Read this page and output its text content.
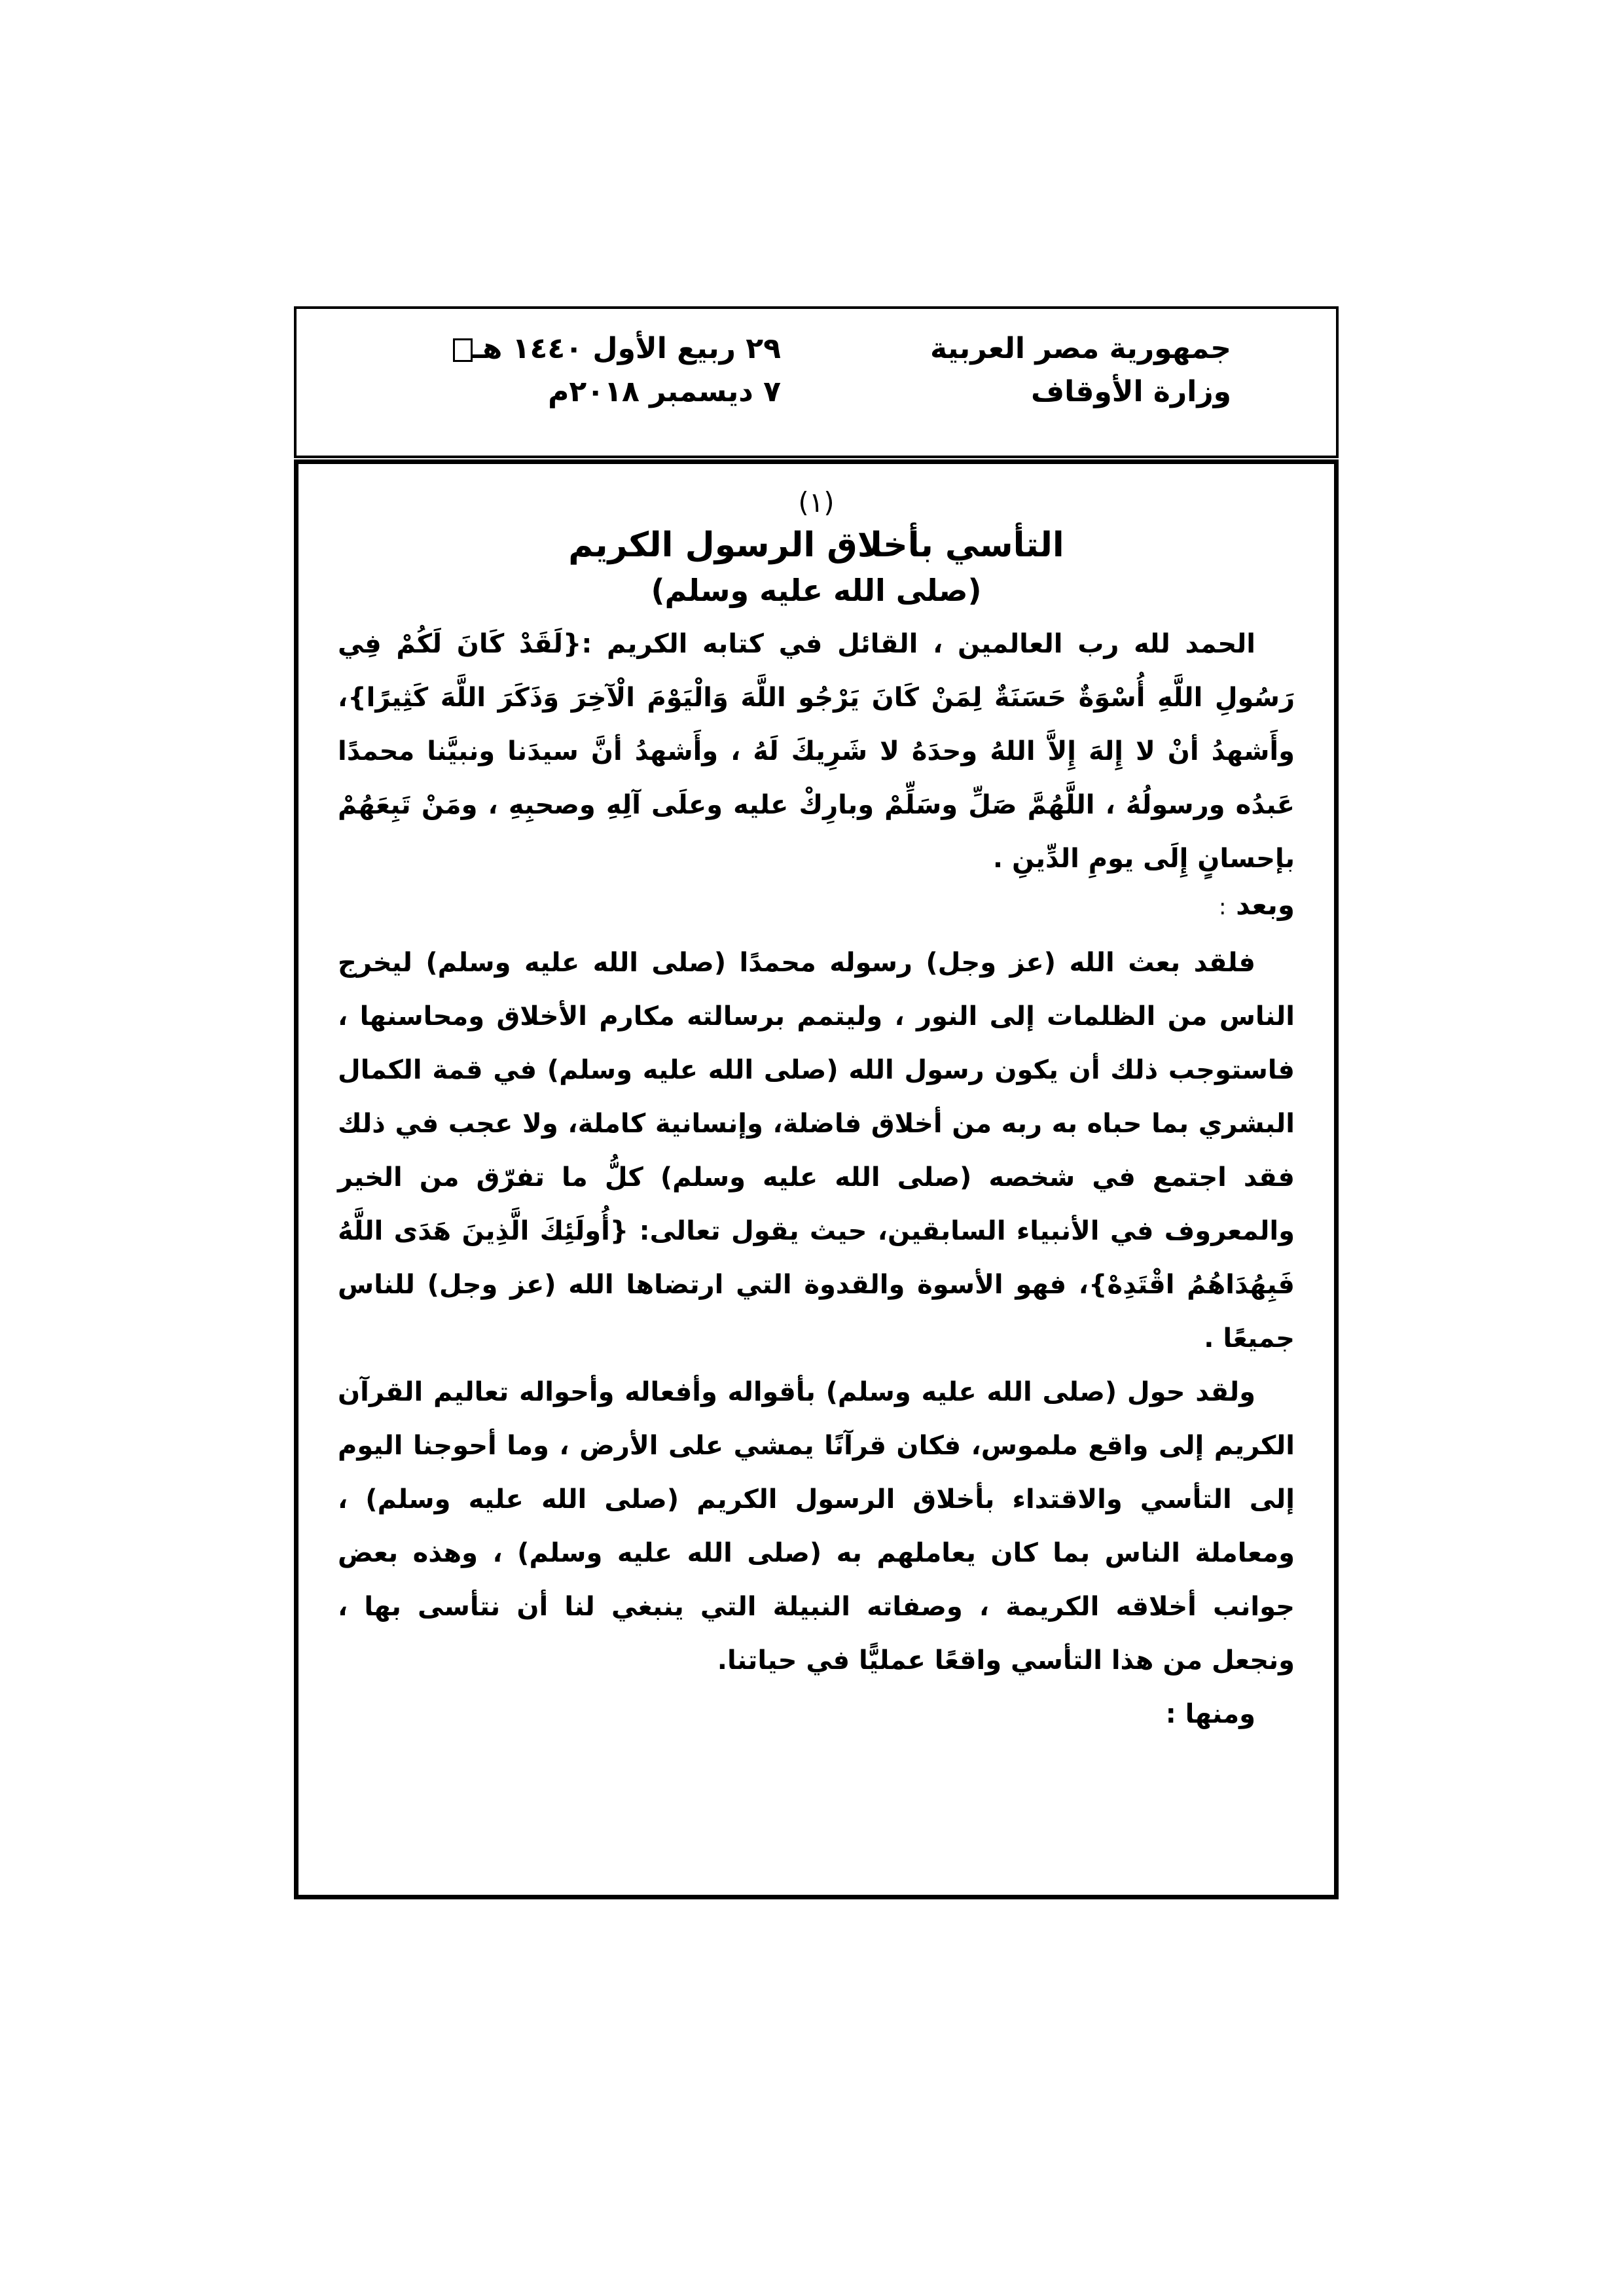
جمهورية مصر العربية
وزارة الأوقاف
٢٩ ربيع الأول ١٤٤٠ هـ
٧ ديسمبر ٢٠١٨م
(١)
التأسي بأخلاق الرسول الكريم
(صلى الله عليه وسلم)

الحمد لله رب العالمين ، القائل في كتابه الكريم :{لَقَدْ كَانَ لَكُمْ فِي رَسُولِ اللَّهِ أُسْوَةٌ حَسَنَةٌ لِمَنْ كَانَ يَرْجُو اللَّهَ وَالْيَوْمَ الْآخِرَ وَذَكَرَ اللَّهَ كَثِيرًا}، وأَشهدُ أنْ لا إِلهَ إِلاَّ اللهُ وحدَهُ لا شَرِيكَ لَهُ ، وأَشهدُ أنَّ سيدَنا ونبيَّنا محمدًا عَبدُه ورسولُهُ ، اللَّهُمَّ صَلِّ وسَلِّمْ وبارِكْ عليه وعلَى آلِهِ وصحبِهِ ، ومَنْ تَبِعَهُمْ بإحسانٍ إِلَى يومِ الدِّينِ .

وبعد :

فلقد بعث الله (عز وجل) رسوله محمدًا (صلى الله عليه وسلم) ليخرج الناس من الظلمات إلى النور ، وليتمم برسالته مكارم الأخلاق ومحاسنها ، فاستوجب ذلك أن يكون رسول الله (صلى الله عليه وسلم) في قمة الكمال البشري بما حباه به ربه من أخلاق فاضلة، وإنسانية كاملة، ولا عجب في ذلك فقد اجتمع في شخصه (صلى الله عليه وسلم) كلُّ ما تفرّق من الخير والمعروف في الأنبياء السابقين، حيث يقول تعالى: {أُولَئِكَ الَّذِينَ هَدَى اللَّهُ فَبِهُدَاهُمُ اقْتَدِهْ}، فهو الأسوة والقدوة التي ارتضاها الله (عز وجل) للناس جميعًا .

ولقد حول (صلى الله عليه وسلم) بأقواله وأفعاله وأحواله تعاليم القرآن الكريم إلى واقع ملموس، فكان قرآنًا يمشي على الأرض ، وما أحوجنا اليوم إلى التأسي والاقتداء بأخلاق الرسول الكريم (صلى الله عليه وسلم) ، ومعاملة الناس بما كان يعاملهم به (صلى الله عليه وسلم) ، وهذه بعض جوانب أخلاقه الكريمة ، وصفاته النبيلة التي ينبغي لنا أن نتأسى بها ، ونجعل من هذا التأسي واقعًا عمليًّا في حياتنا.

ومنها :
